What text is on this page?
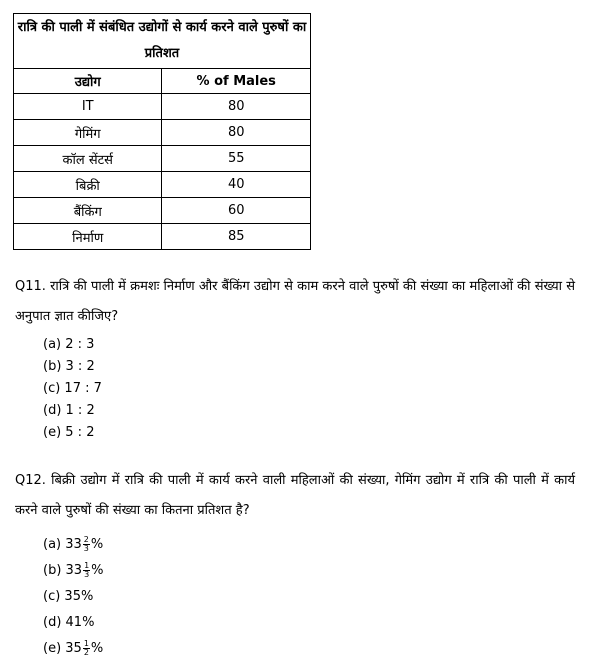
रात्रि की पाली में संबंधित उद्योगों से कार्य करने वाले पुरुषों का प्रतिशत	
उद्योग	% of Males
IT	80
गेमिंग	80
कॉल सेंटर्स	55
बिक्री	40
बैंकिंग	60
निर्माण	85
Q11. रात्रि की पाली में क्रमशः निर्माण और बैंकिंग उद्योग से काम करने वाले पुरुषों की संख्या का महिलाओं की संख्या से अनुपात ज्ञात कीजिए?
(a) 2 : 3
(b) 3 : 2
(c) 17 : 7
(d) 1 : 2
(e) 5 : 2
Q12. बिक्री उद्योग में रात्रि की पाली में कार्य करने वाली महिलाओं की संख्या, गेमिंग उद्योग में रात्रि की पाली में कार्य करने वाले पुरुषों की संख्या का कितना प्रतिशत है?
(a) $33 \frac{2}{3}$ %
(b) $33 \frac{1}{3}$ %
(c) 35%
(d) 41%
(e) $35 \frac{1}{2}$ %
